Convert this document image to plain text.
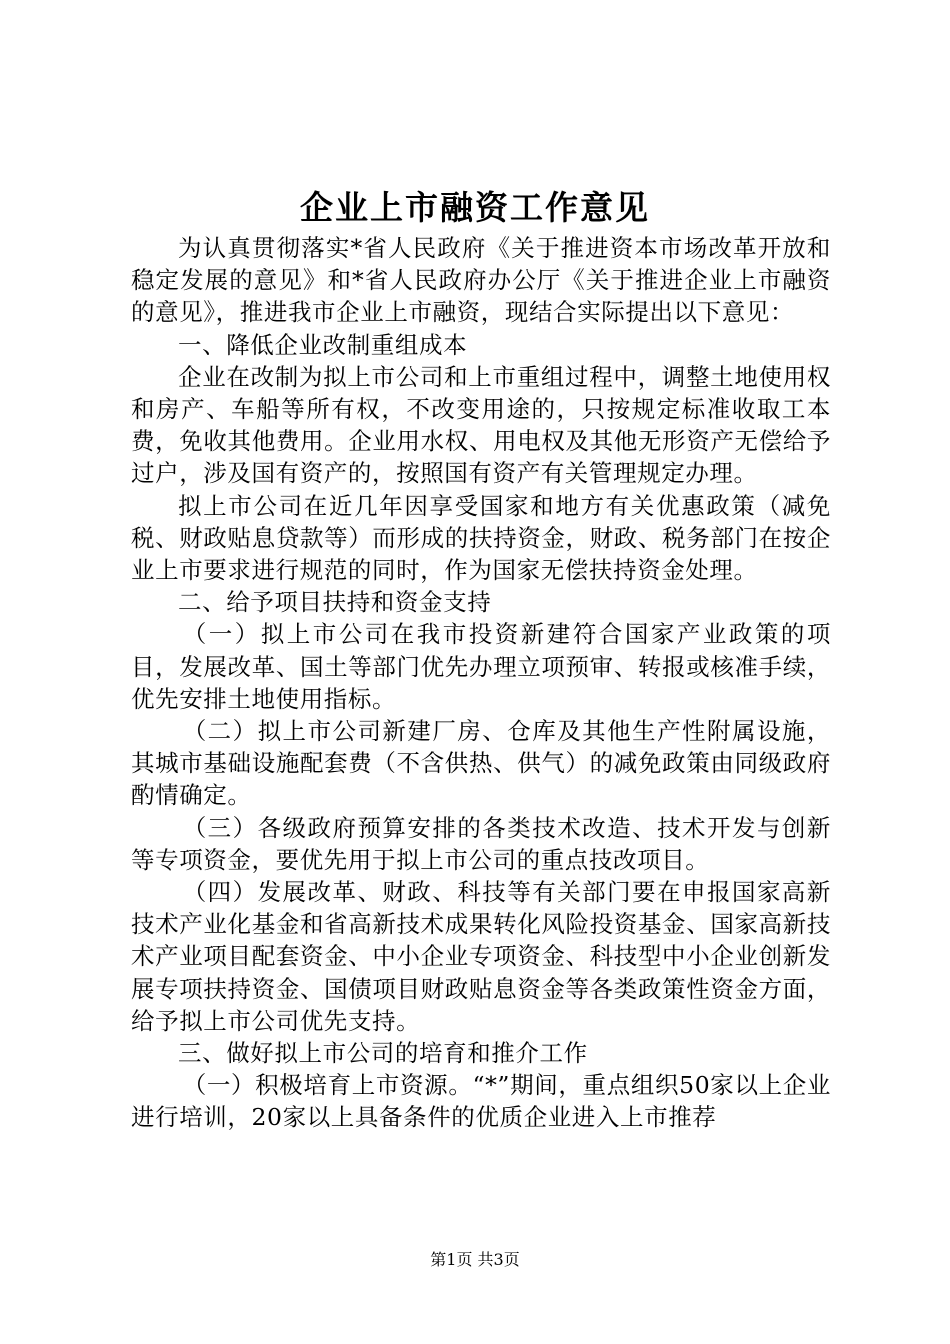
企业上市融资工作意见

为认真贯彻落实*省人民政府《关于推进资本市场改革开放和稳定发展的意见》和*省人民政府办公厅《关于推进企业上市融资的意见》，推进我市企业上市融资，现结合实际提出以下意见：

一、降低企业改制重组成本

企业在改制为拟上市公司和上市重组过程中，调整土地使用权和房产、车船等所有权，不改变用途的，只按规定标准收取工本费，免收其他费用。企业用水权、用电权及其他无形资产无偿给予过户，涉及国有资产的，按照国有资产有关管理规定办理。

拟上市公司在近几年因享受国家和地方有关优惠政策（减免税、财政贴息贷款等）而形成的扶持资金，财政、税务部门在按企业上市要求进行规范的同时，作为国家无偿扶持资金处理。

二、给予项目扶持和资金支持

（一）拟上市公司在我市投资新建符合国家产业政策的项目，发展改革、国土等部门优先办理立项预审、转报或核准手续，优先安排土地使用指标。

（二）拟上市公司新建厂房、仓库及其他生产性附属设施，其城市基础设施配套费（不含供热、供气）的减免政策由同级政府酌情确定。

（三）各级政府预算安排的各类技术改造、技术开发与创新等专项资金，要优先用于拟上市公司的重点技改项目。

（四）发展改革、财政、科技等有关部门要在申报国家高新技术产业化基金和省高新技术成果转化风险投资基金、国家高新技术产业项目配套资金、中小企业专项资金、科技型中小企业创新发展专项扶持资金、国债项目财政贴息资金等各类政策性资金方面，给予拟上市公司优先支持。

三、做好拟上市公司的培育和推介工作

（一）积极培育上市资源。“*”期间，重点组织50家以上企业进行培训，20家以上具备条件的优质企业进入上市推荐

第1页 共3页
